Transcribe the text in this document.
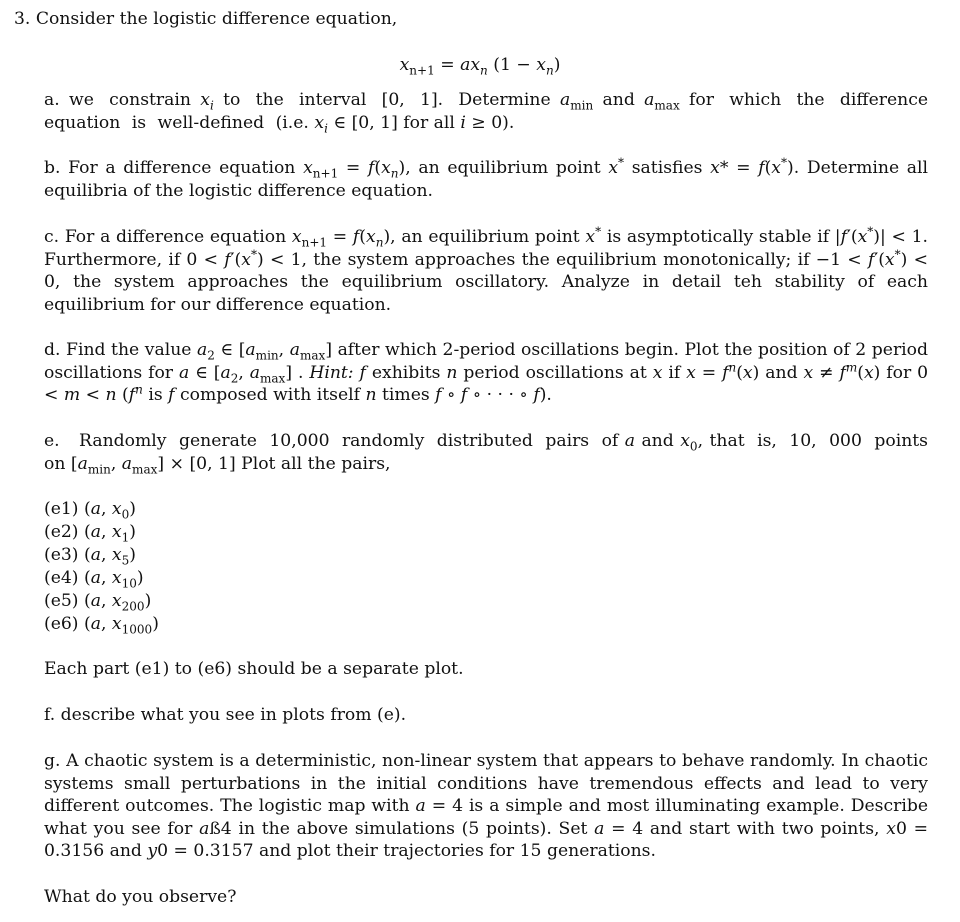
3. Consider the logistic difference equation,
$x_{n+1} = ax_n$ $(1 - x_n)$
a. we constrain $x_i$ to the interval [0, 1]. Determine $a_{min}$ and $a_{max}$ for which the difference equation is well-defined (i.e. $x_i$ ∈ [0, 1] for all i ≥ 0).
b. For a difference equation $x_{n+1} = f(x_n)$, an equilibrium point x* satisfies x* = f(x*). Determine all equilibria of the logistic difference equation.
c. For a difference equation $x_{n+1} = f(x_n)$, an equilibrium point x* is asymptotically stable if |f′(x*)| < 1. Furthermore, if 0 < f′(x*) < 1, the system approaches the equilibrium monotonically; if −1 < f′(x*) < 0, the system approaches the equilibrium oscillatory. Analyze in detail teh stability of each equilibrium for our difference equation.
d. Find the value $a_2$ ∈ [$a_{min}$, $a_{max}$] after which 2-period oscillations begin. Plot the position of 2 period oscillations for a ∈ [$a_2$, $a_{max}$] . Hint: f exhibits n period oscillations at x if $x = f^n(x)$ and $x \ne f^m(x)$ for 0 < m < n ($f^n$ is f composed with itself n times f ∘ f ∘ · · · ∘ f).
e. Randomly generate 10,000 randomly distributed pairs of a and $x_0$, that is, 10, 000 points on [$a_{min}$, $a_{max}] \times [0$, 1] Plot all the pairs,
(e1) (a, $x_0$)
(e2) (a, $x_1$)
(e3) (a, $x_5$)
(e4) (a, $x_{10}$)
(e5) (a, $x_{200}$)
(e6) (a, $x_{1000}$)
Each part (e1) to (e6) should be a separate plot.
f. describe what you see in plots from (e).
g. A chaotic system is a deterministic, non-linear system that appears to behave randomly. In chaotic systems small perturbations in the initial conditions have tremendous effects and lead to very different outcomes. The logistic map with a = 4 is a simple and most illuminating example. Describe what you see for aß4 in the above simulations (5 points). Set a = 4 and start with two points, x0 = 0.3156 and y0 = 0.3157 and plot their trajectories for 15 generations.
What do you observe?
